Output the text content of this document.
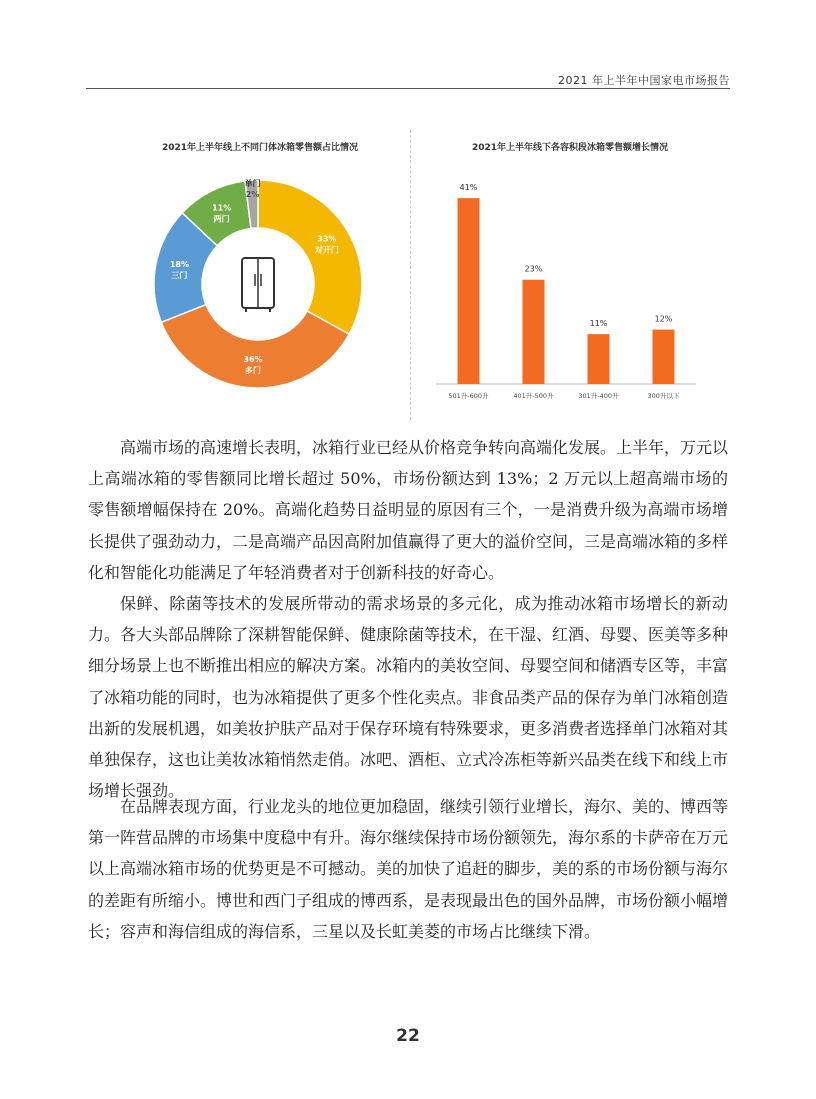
2021 年上半年中国家电市场报告
2021年上半年线上不同门体冰箱零售额占比情况
33%
对开门
36%
多门
18%
三门
11%
两门
2%
单门
2021年上半年线下各容积段冰箱零售额增长情况
41%
501升-600升
23%
401升-500升
11%
301升-400升
12%
300升以下

高端市场的高速增长表明，冰箱行业已经从价格竞争转向高端化发展。上半年，万元以上高端冰箱的零售额同比增长超过 50%，市场份额达到 13%；2 万元以上超高端市场的零售额增幅保持在 20%。高端化趋势日益明显的原因有三个，一是消费升级为高端市场增长提供了强劲动力，二是高端产品因高附加值赢得了更大的溢价空间，三是高端冰箱的多样化和智能化功能满足了年轻消费者对于创新科技的好奇心。

保鲜、除菌等技术的发展所带动的需求场景的多元化，成为推动冰箱市场增长的新动力。各大头部品牌除了深耕智能保鲜、健康除菌等技术，在干湿、红酒、母婴、医美等多种细分场景上也不断推出相应的解决方案。冰箱内的美妆空间、母婴空间和储酒专区等，丰富了冰箱功能的同时，也为冰箱提供了更多个性化卖点。非食品类产品的保存为单门冰箱创造出新的发展机遇，如美妆护肤产品对于保存环境有特殊要求，更多消费者选择单门冰箱对其单独保存，这也让美妆冰箱悄然走俏。冰吧、酒柜、立式冷冻柜等新兴品类在线下和线上市场增长强劲。

在品牌表现方面，行业龙头的地位更加稳固，继续引领行业增长，海尔、美的、博西等第一阵营品牌的市场集中度稳中有升。海尔继续保持市场份额领先，海尔系的卡萨帝在万元以上高端冰箱市场的优势更是不可撼动。美的加快了追赶的脚步，美的系的市场份额与海尔的差距有所缩小。博世和西门子组成的博西系，是表现最出色的国外品牌，市场份额小幅增长；容声和海信组成的海信系，三星以及长虹美菱的市场占比继续下滑。

22
